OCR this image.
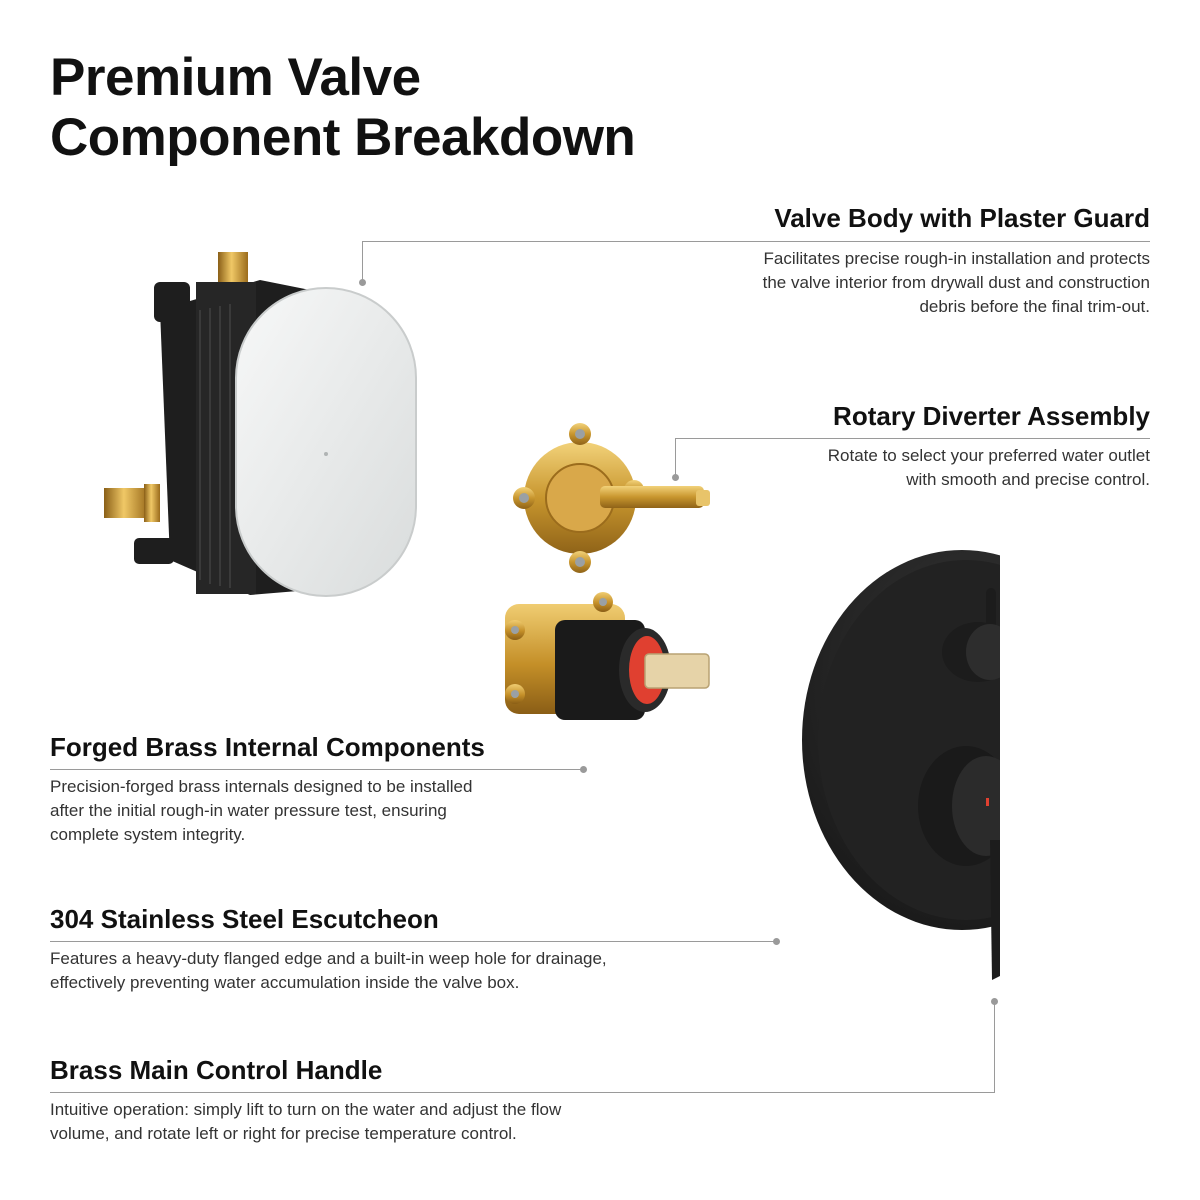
Premium Valve
Component Breakdown
Valve Body with Plaster Guard
Facilitates precise rough-in installation and protects
the valve interior from drywall dust and construction
debris before the final trim-out.
Rotary Diverter Assembly
Rotate to select your preferred water outlet
with smooth and precise control.
Forged Brass Internal Components
Precision-forged brass internals designed to be installed
after the initial rough-in water pressure test, ensuring
complete system integrity.
304 Stainless Steel Escutcheon
Features a heavy-duty flanged edge and a built-in weep hole for drainage,
effectively preventing water accumulation inside the valve box.
Brass Main Control Handle
Intuitive operation: simply lift to turn on the water and adjust the flow
volume, and rotate left or right for precise temperature control.
